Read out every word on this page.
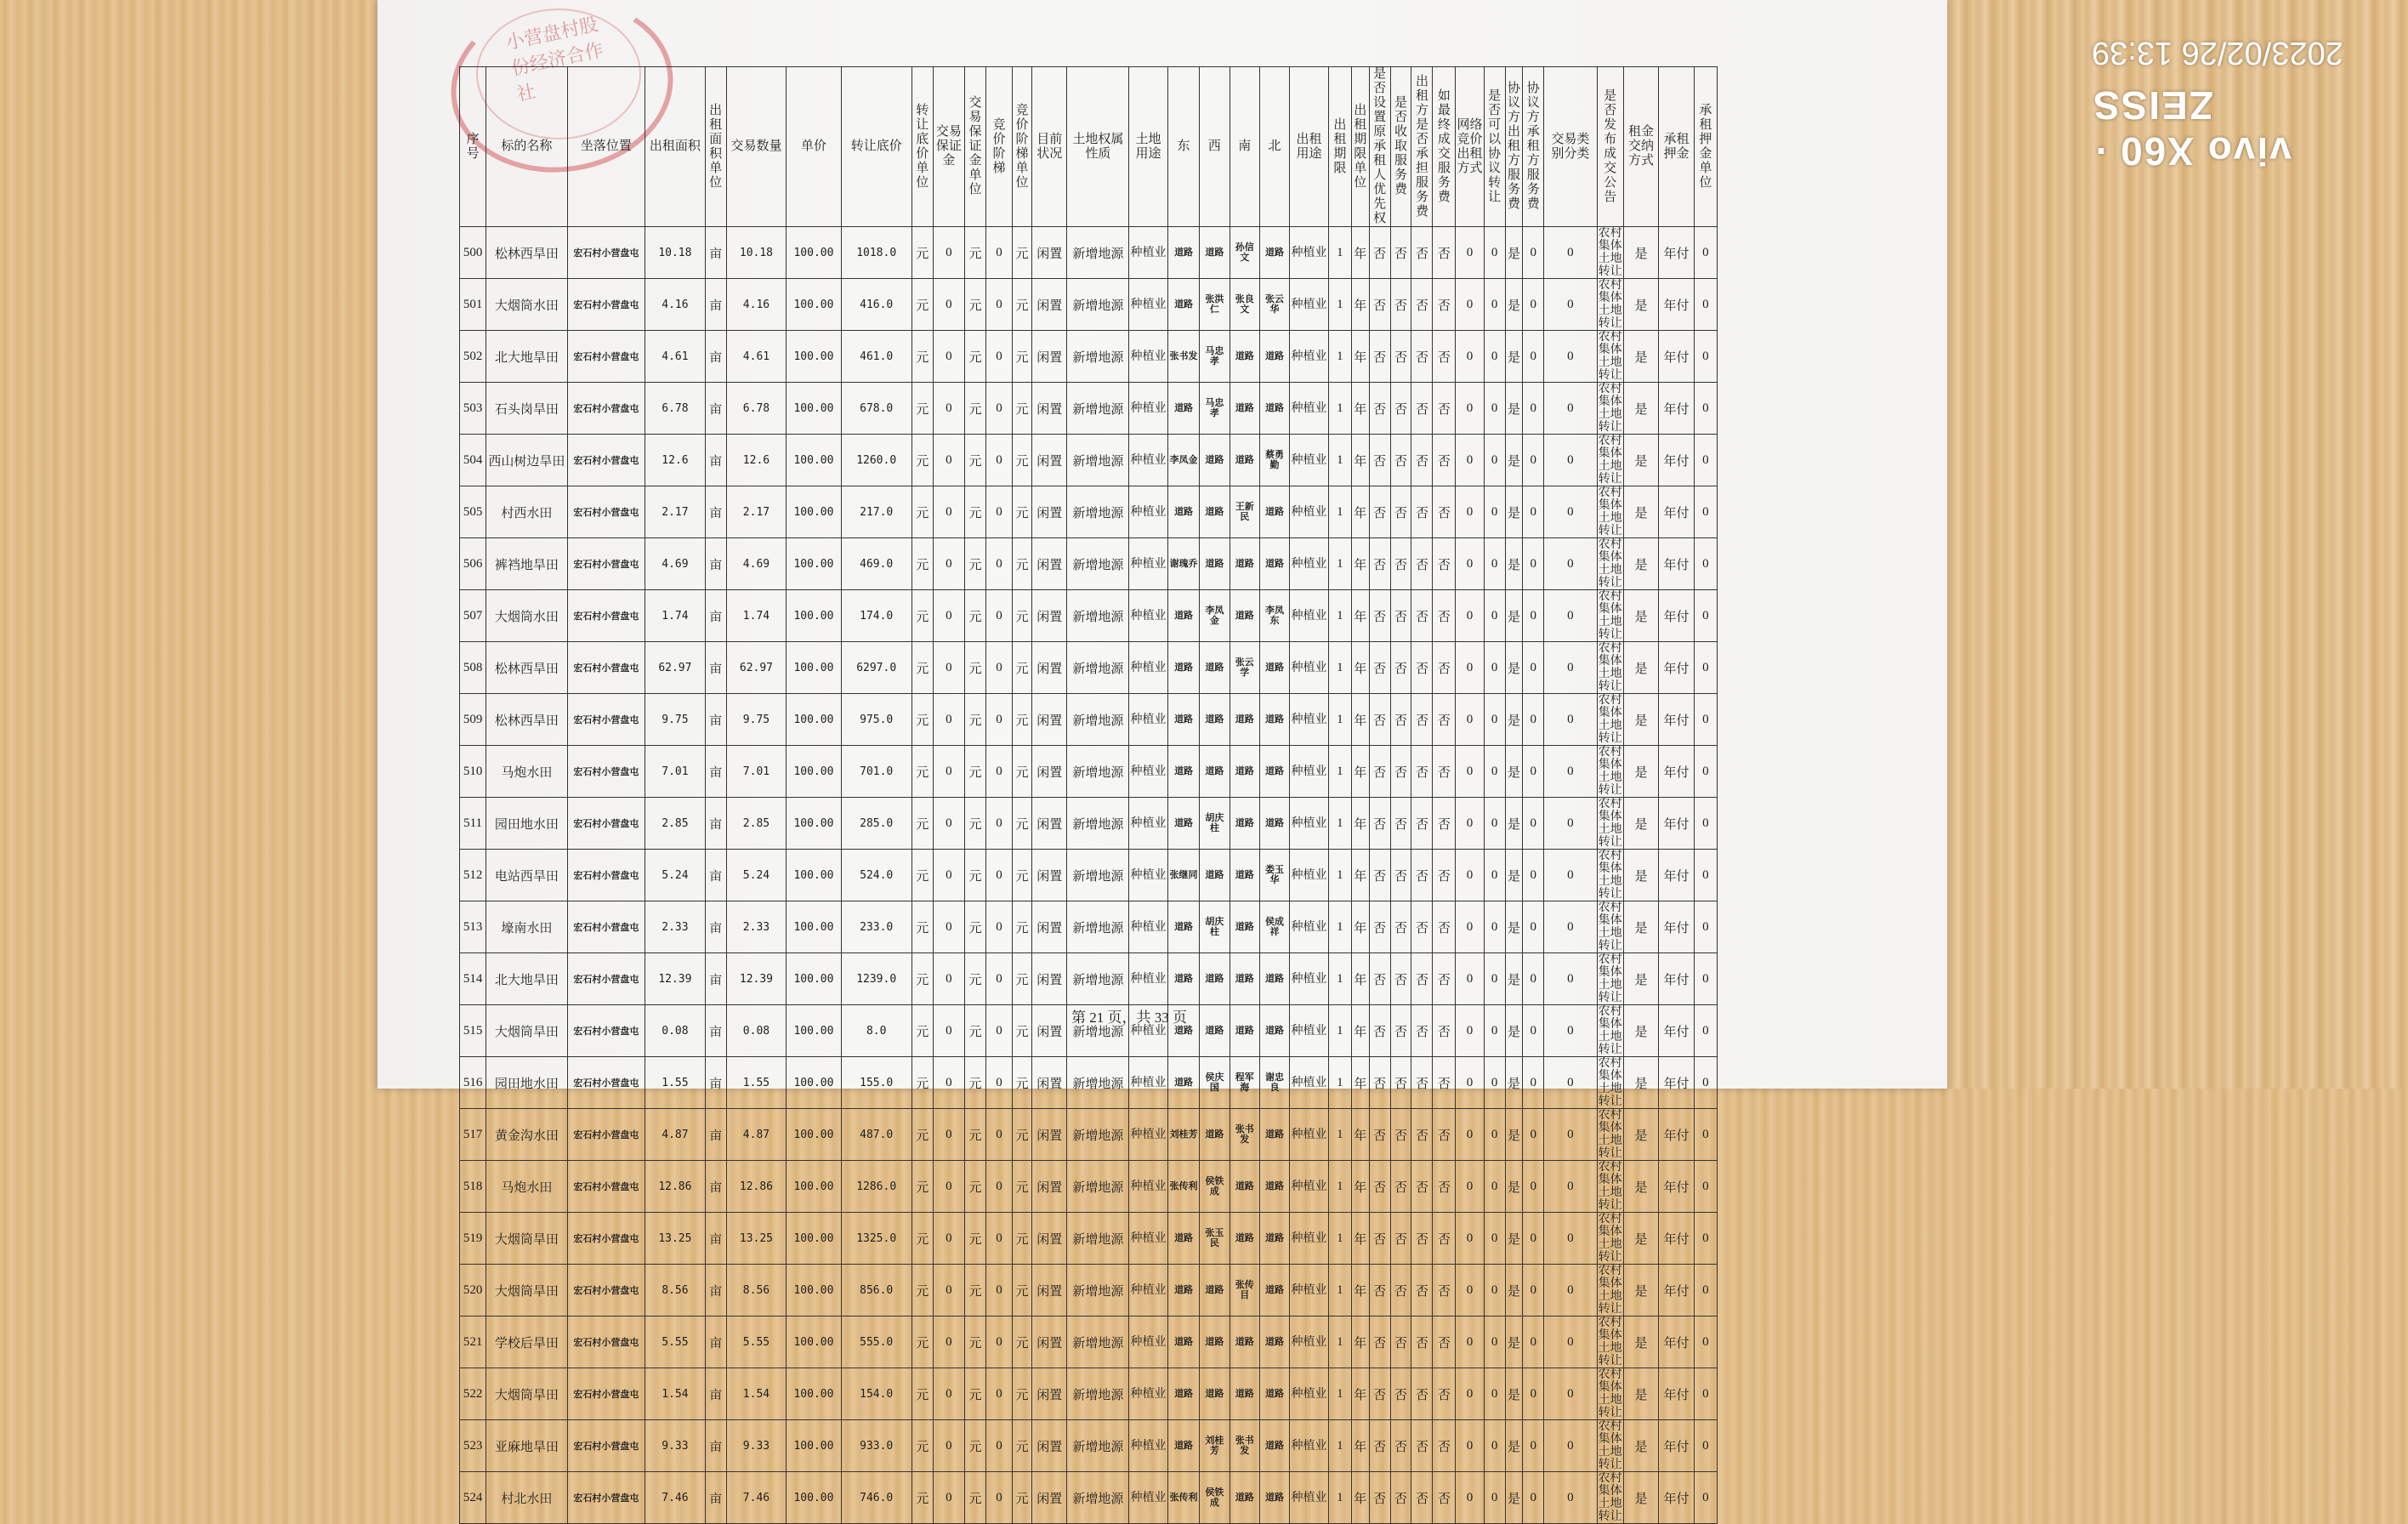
小营盘村股份经济合作社
vivo X60 · ZEISS
2023/02/26 13:39
序号	标的名称	坐落位置	出租面积	出租面积单位	交易数量	单价	转让底价	转让底价单位	交易保证金	交易保证金单位	竞价阶梯	竞价阶梯单位	目前状况	土地权属性质	土地用途	东	西	南	北	出租用途	出租期限	出租期限单位	是否设置原承租人优先权	是否收取服务费	出租方是否承担服务费	如最终成交服务费	网络竞价出租方式	是否可以协议转让	协议方出租方服务费	协议方承租方服务费	交易类别分类	是否发布成交公告	租金交纳方式	承租押金	承租押金单位
500	松林西旱田	宏石村小营盘屯	10.18	亩	10.18	100.00	1018.0	元	0	元	0	元	闲置	新增地源	种植业	道路	道路	孙信文	道路	种植业	1	年	否	否	否	否	0	0	是	0	0	农村集体土地转让	是	年付	0
501	大烟筒水田	宏石村小营盘屯	4.16	亩	4.16	100.00	416.0	元	0	元	0	元	闲置	新增地源	种植业	道路	张洪仁	张良文	张云华	种植业	1	年	否	否	否	否	0	0	是	0	0	农村集体土地转让	是	年付	0
502	北大地旱田	宏石村小营盘屯	4.61	亩	4.61	100.00	461.0	元	0	元	0	元	闲置	新增地源	种植业	张书发	马忠孝	道路	道路	种植业	1	年	否	否	否	否	0	0	是	0	0	农村集体土地转让	是	年付	0
503	石头岗旱田	宏石村小营盘屯	6.78	亩	6.78	100.00	678.0	元	0	元	0	元	闲置	新增地源	种植业	道路	马忠孝	道路	道路	种植业	1	年	否	否	否	否	0	0	是	0	0	农村集体土地转让	是	年付	0
504	西山树边旱田	宏石村小营盘屯	12.6	亩	12.6	100.00	1260.0	元	0	元	0	元	闲置	新增地源	种植业	李凤金	道路	道路	蔡勇勤	种植业	1	年	否	否	否	否	0	0	是	0	0	农村集体土地转让	是	年付	0
505	村西水田	宏石村小营盘屯	2.17	亩	2.17	100.00	217.0	元	0	元	0	元	闲置	新增地源	种植业	道路	道路	王新民	道路	种植业	1	年	否	否	否	否	0	0	是	0	0	农村集体土地转让	是	年付	0
506	裤裆地旱田	宏石村小营盘屯	4.69	亩	4.69	100.00	469.0	元	0	元	0	元	闲置	新增地源	种植业	谢瑰乔	道路	道路	道路	种植业	1	年	否	否	否	否	0	0	是	0	0	农村集体土地转让	是	年付	0
507	大烟筒水田	宏石村小营盘屯	1.74	亩	1.74	100.00	174.0	元	0	元	0	元	闲置	新增地源	种植业	道路	李凤金	道路	李凤东	种植业	1	年	否	否	否	否	0	0	是	0	0	农村集体土地转让	是	年付	0
508	松林西旱田	宏石村小营盘屯	62.97	亩	62.97	100.00	6297.0	元	0	元	0	元	闲置	新增地源	种植业	道路	道路	张云学	道路	种植业	1	年	否	否	否	否	0	0	是	0	0	农村集体土地转让	是	年付	0
509	松林西旱田	宏石村小营盘屯	9.75	亩	9.75	100.00	975.0	元	0	元	0	元	闲置	新增地源	种植业	道路	道路	道路	道路	种植业	1	年	否	否	否	否	0	0	是	0	0	农村集体土地转让	是	年付	0
510	马炮水田	宏石村小营盘屯	7.01	亩	7.01	100.00	701.0	元	0	元	0	元	闲置	新增地源	种植业	道路	道路	道路	道路	种植业	1	年	否	否	否	否	0	0	是	0	0	农村集体土地转让	是	年付	0
511	园田地水田	宏石村小营盘屯	2.85	亩	2.85	100.00	285.0	元	0	元	0	元	闲置	新增地源	种植业	道路	胡庆柱	道路	道路	种植业	1	年	否	否	否	否	0	0	是	0	0	农村集体土地转让	是	年付	0
512	电站西旱田	宏石村小营盘屯	5.24	亩	5.24	100.00	524.0	元	0	元	0	元	闲置	新增地源	种植业	张继同	道路	道路	娄玉华	种植业	1	年	否	否	否	否	0	0	是	0	0	农村集体土地转让	是	年付	0
513	壕南水田	宏石村小营盘屯	2.33	亩	2.33	100.00	233.0	元	0	元	0	元	闲置	新增地源	种植业	道路	胡庆柱	道路	侯成祥	种植业	1	年	否	否	否	否	0	0	是	0	0	农村集体土地转让	是	年付	0
514	北大地旱田	宏石村小营盘屯	12.39	亩	12.39	100.00	1239.0	元	0	元	0	元	闲置	新增地源	种植业	道路	道路	道路	道路	种植业	1	年	否	否	否	否	0	0	是	0	0	农村集体土地转让	是	年付	0
515	大烟筒旱田	宏石村小营盘屯	0.08	亩	0.08	100.00	8.0	元	0	元	0	元	闲置	新增地源	种植业	道路	道路	道路	道路	种植业	1	年	否	否	否	否	0	0	是	0	0	农村集体土地转让	是	年付	0
516	园田地水田	宏石村小营盘屯	1.55	亩	1.55	100.00	155.0	元	0	元	0	元	闲置	新增地源	种植业	道路	侯庆国	程军海	谢忠良	种植业	1	年	否	否	否	否	0	0	是	0	0	农村集体土地转让	是	年付	0
517	黄金沟水田	宏石村小营盘屯	4.87	亩	4.87	100.00	487.0	元	0	元	0	元	闲置	新增地源	种植业	刘桂芳	道路	张书发	道路	种植业	1	年	否	否	否	否	0	0	是	0	0	农村集体土地转让	是	年付	0
518	马炮水田	宏石村小营盘屯	12.86	亩	12.86	100.00	1286.0	元	0	元	0	元	闲置	新增地源	种植业	张传利	侯铁成	道路	道路	种植业	1	年	否	否	否	否	0	0	是	0	0	农村集体土地转让	是	年付	0
519	大烟筒旱田	宏石村小营盘屯	13.25	亩	13.25	100.00	1325.0	元	0	元	0	元	闲置	新增地源	种植业	道路	张玉民	道路	道路	种植业	1	年	否	否	否	否	0	0	是	0	0	农村集体土地转让	是	年付	0
520	大烟筒旱田	宏石村小营盘屯	8.56	亩	8.56	100.00	856.0	元	0	元	0	元	闲置	新增地源	种植业	道路	道路	张传目	道路	种植业	1	年	否	否	否	否	0	0	是	0	0	农村集体土地转让	是	年付	0
521	学校后旱田	宏石村小营盘屯	5.55	亩	5.55	100.00	555.0	元	0	元	0	元	闲置	新增地源	种植业	道路	道路	道路	道路	种植业	1	年	否	否	否	否	0	0	是	0	0	农村集体土地转让	是	年付	0
522	大烟筒旱田	宏石村小营盘屯	1.54	亩	1.54	100.00	154.0	元	0	元	0	元	闲置	新增地源	种植业	道路	道路	道路	道路	种植业	1	年	否	否	否	否	0	0	是	0	0	农村集体土地转让	是	年付	0
523	亚麻地旱田	宏石村小营盘屯	9.33	亩	9.33	100.00	933.0	元	0	元	0	元	闲置	新增地源	种植业	道路	刘桂芳	张书发	道路	种植业	1	年	否	否	否	否	0	0	是	0	0	农村集体土地转让	是	年付	0
524	村北水田	宏石村小营盘屯	7.46	亩	7.46	100.00	746.0	元	0	元	0	元	闲置	新增地源	种植业	张传利	侯铁成	道路	道路	种植业	1	年	否	否	否	否	0	0	是	0	0	农村集体土地转让	是	年付	0
第 21 页，共 33 页
